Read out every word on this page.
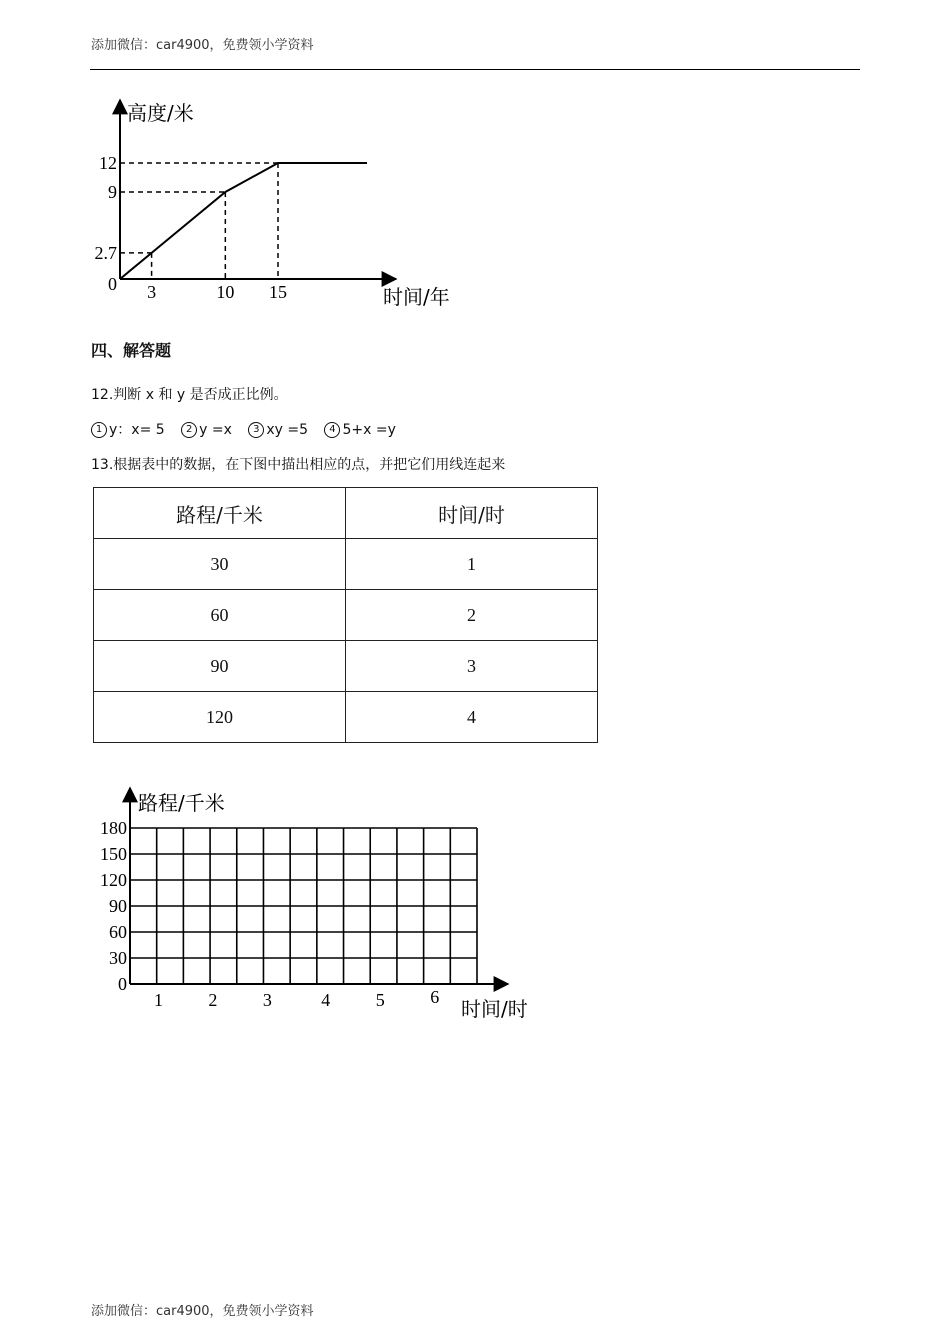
添加微信：car4900，免费领小学资料
高度/米
时间/年
0
2.7
9
12
3	10 15
四、解答题
12.判断 x 和 y 是否成正比例。
1 y：x= 5 2 y =x 3 xy =5 4 5+x =y
13.根据表中的数据，在下图中描出相应的点，并把它们用线连起来
路程/千米	时间/时
30	1
60	2
90	3
120	4
路程/千米
时间/时
0
30
60
90
120
150
180
1	2	3	4	5	6
添加微信：car4900，免费领小学资料
